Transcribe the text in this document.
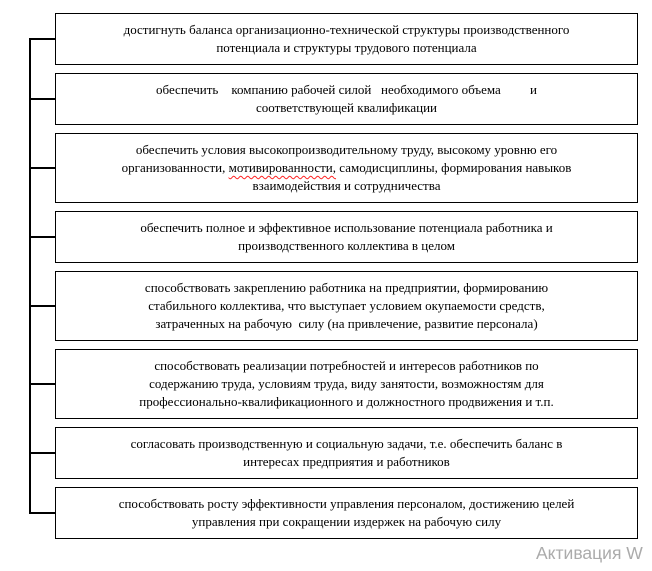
достигнуть баланса организационно-технической структуры производственного
потенциала и структуры трудового потенциала
обеспечить    компанию рабочей силой   необходимого объема         и
соответствующей квалификации
обеспечить условия высокопроизводительному труду, высокому уровню его
организованности, мотивированности, самодисциплины, формирования навыков
взаимодействия и сотрудничества
обеспечить полное и эффективное использование потенциала работника и
производственного коллектива в целом
способствовать закреплению работника на предприятии, формированию
стабильного коллектива, что выступает условием окупаемости средств,
затраченных на рабочую  силу (на привлечение, развитие персонала)
способствовать реализации потребностей и интересов работников по
содержанию труда, условиям труда, виду занятости, возможностям для
профессионально-квалификационного и должностного продвижения и т.п.
согласовать производственную и социальную задачи, т.е. обеспечить баланс в
интересах предприятия и работников
способствовать росту эффективности управления персоналом, достижению целей
управления при сокращении издержек на рабочую силу
Активация W
